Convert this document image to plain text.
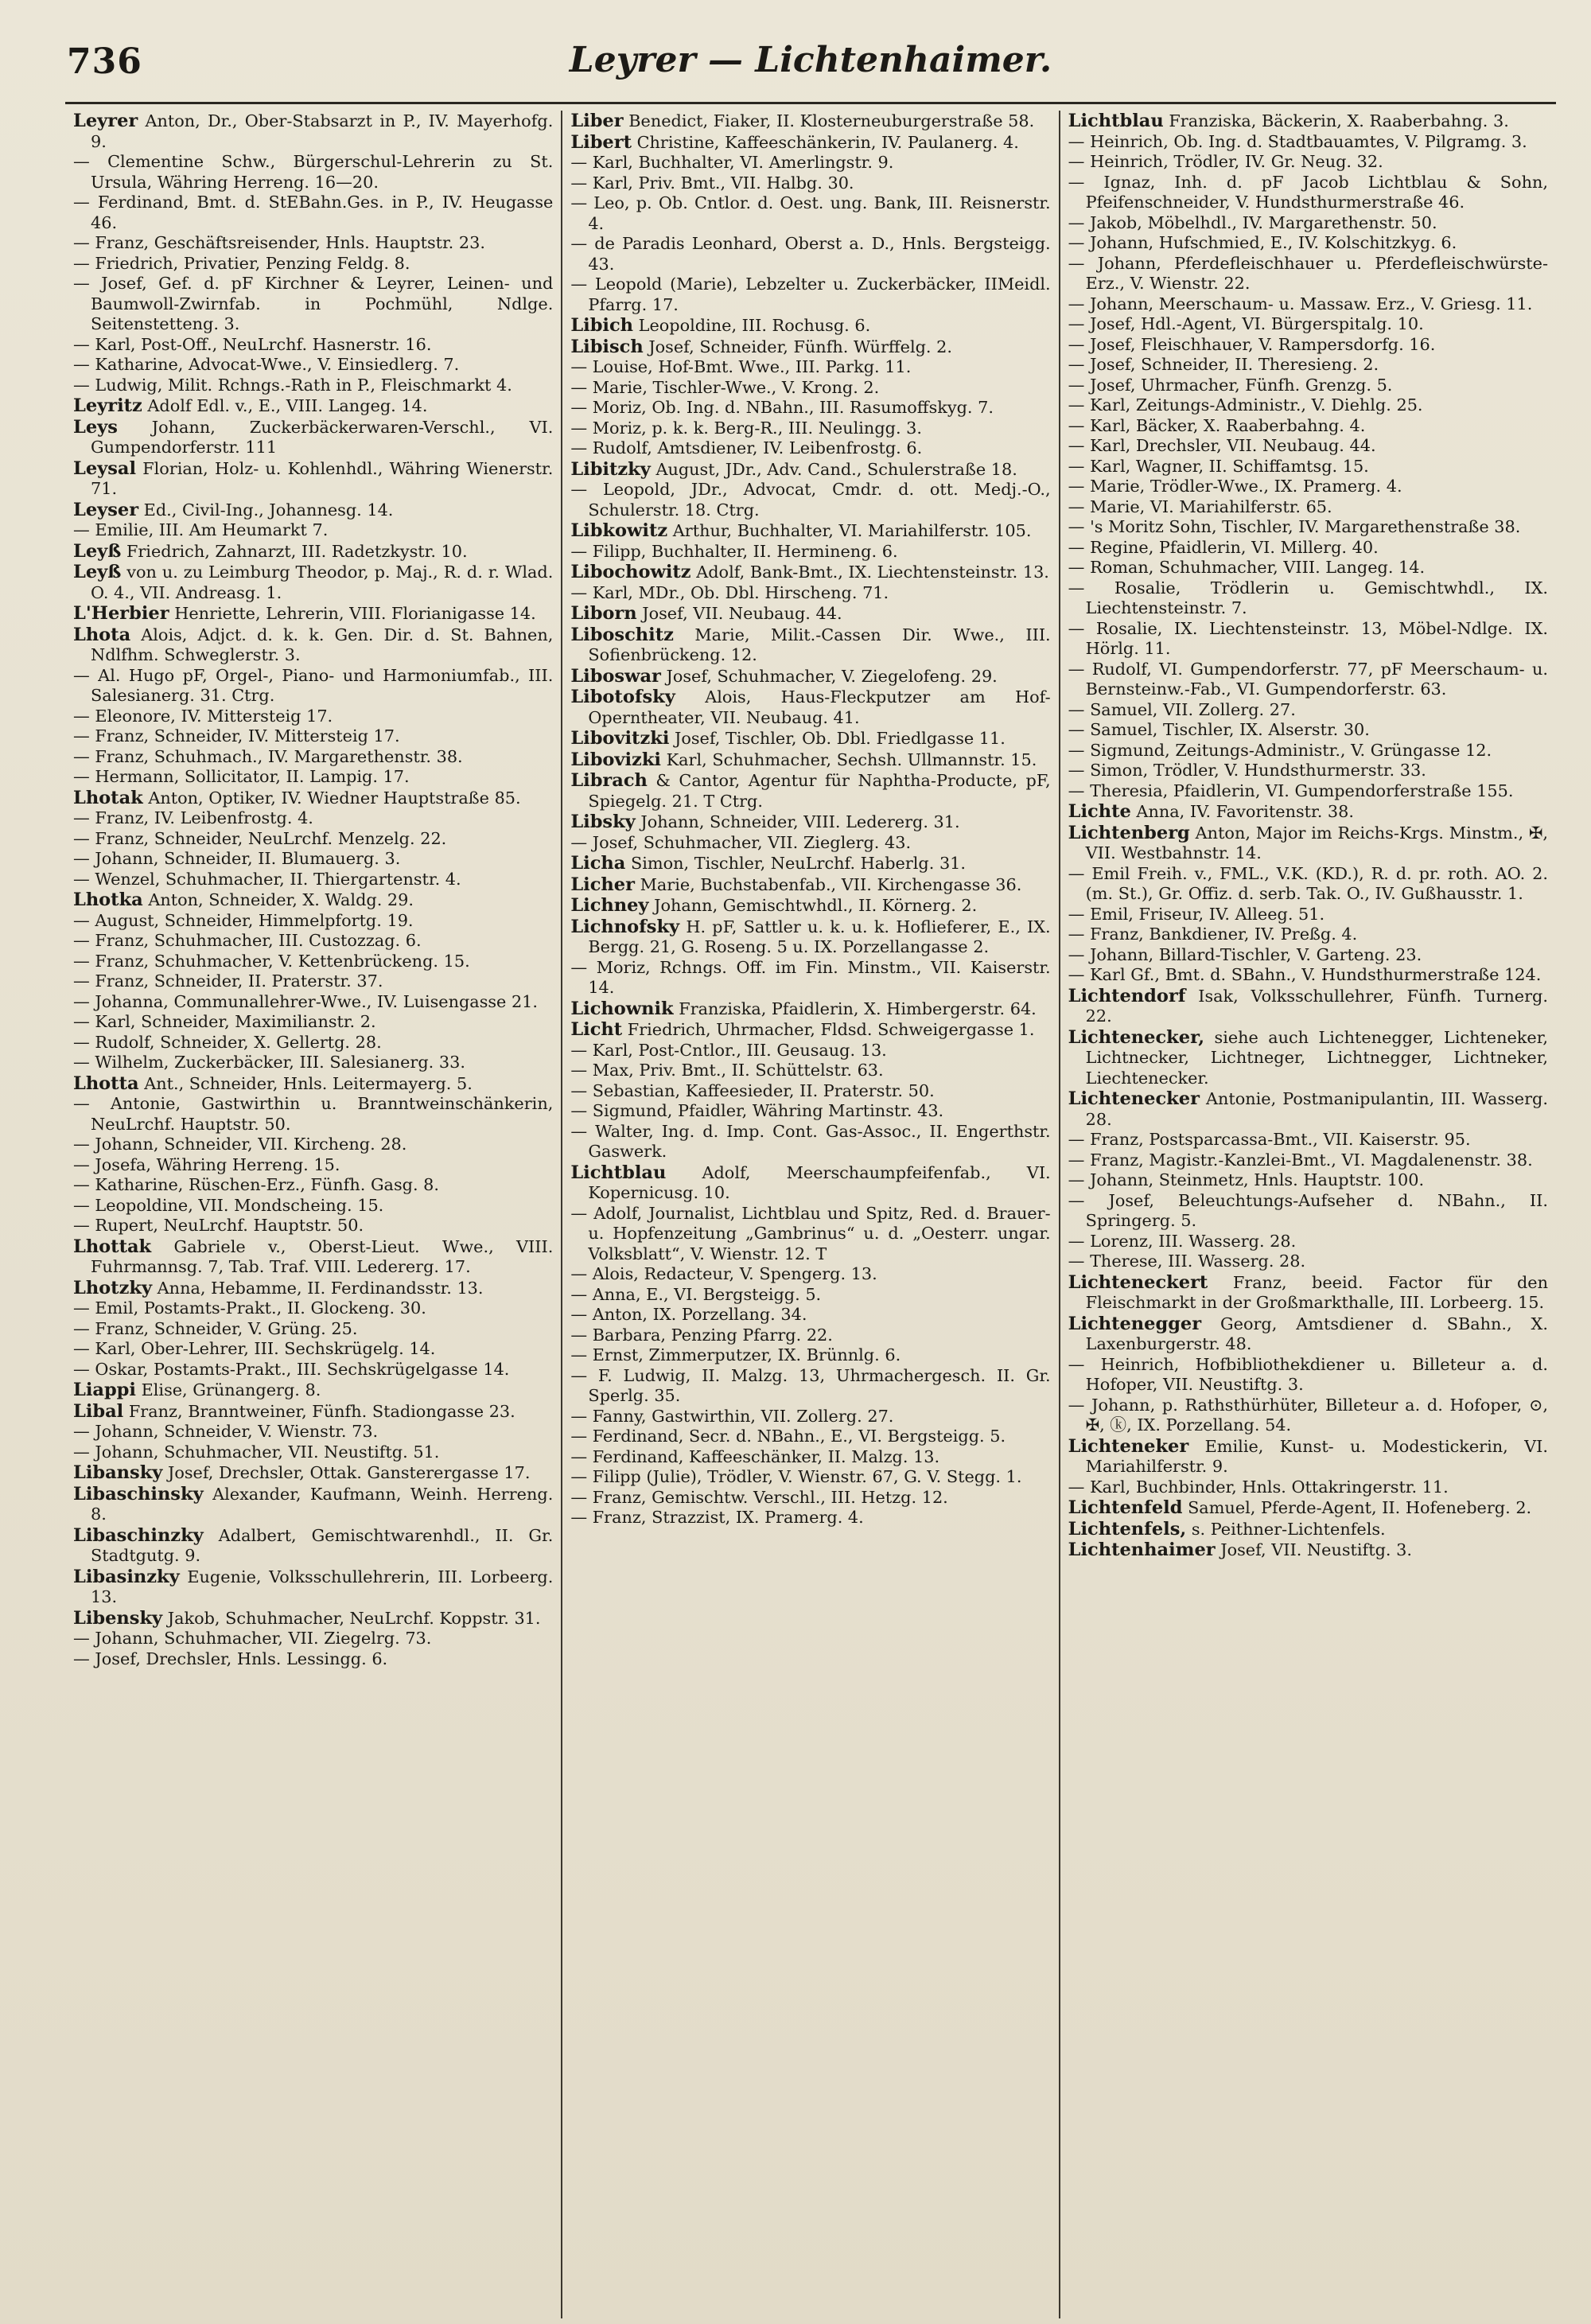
736	Leyrer — Lichtenhaimer.
Leyrer Anton, Dr., Ober-Stabsarzt in P., IV. Mayerhofg. 9.
— Clementine Schw., Bürgerschul-Lehrerin zu St. Ursula, Währing Herreng. 16—20.
— Ferdinand, Bmt. d. StEBahn.Ges. in P., IV. Heugasse 46.
— Franz, Geschäftsreisender, Hnls. Hauptstr. 23.
— Friedrich, Privatier, Penzing Feldg. 8.
— Josef, Gef. d. pF Kirchner & Leyrer, Leinen- und Baumwoll-Zwirnfab. in Pochmühl, Ndlge. Seitenstetteng. 3.
— Karl, Post-Off., NeuLrchf. Hasnerstr. 16.
— Katharine, Advocat-Wwe., V. Einsiedlerg. 7.
— Ludwig, Milit. Rchngs.-Rath in P., Fleischmarkt 4.
Leyritz Adolf Edl. v., E., VIII. Langeg. 14.
Leys Johann, Zuckerbäckerwaren-Verschl., VI. Gumpendorferstr. 111
Leysal Florian, Holz- u. Kohlenhdl., Währing Wienerstr. 71.
Leyser Ed., Civil-Ing., Johannesg. 14.
— Emilie, III. Am Heumarkt 7.
Leyß Friedrich, Zahnarzt, III. Radetzkystr. 10.
Leyß von u. zu Leimburg Theodor, p. Maj., R. d. r. Wlad. O. 4., VII. Andreasg. 1.
L'Herbier Henriette, Lehrerin, VIII. Florianigasse 14.
Lhota Alois, Adjct. d. k. k. Gen. Dir. d. St. Bahnen, Ndlfhm. Schweglerstr. 3.
— Al. Hugo pF, Orgel-, Piano- und Harmoniumfab., III. Salesianerg. 31. Ctrg.
— Eleonore, IV. Mittersteig 17.
— Franz, Schneider, IV. Mittersteig 17.
— Franz, Schuhmach., IV. Margarethenstr. 38.
— Hermann, Sollicitator, II. Lampig. 17.
Lhotak Anton, Optiker, IV. Wiedner Hauptstraße 85.
— Franz, IV. Leibenfrostg. 4.
— Franz, Schneider, NeuLrchf. Menzelg. 22.
— Johann, Schneider, II. Blumauerg. 3.
— Wenzel, Schuhmacher, II. Thiergartenstr. 4.
Lhotka Anton, Schneider, X. Waldg. 29.
— August, Schneider, Himmelpfortg. 19.
— Franz, Schuhmacher, III. Custozzag. 6.
— Franz, Schuhmacher, V. Kettenbrückeng. 15.
— Franz, Schneider, II. Praterstr. 37.
— Johanna, Communallehrer-Wwe., IV. Luisengasse 21.
— Karl, Schneider, Maximilianstr. 2.
— Rudolf, Schneider, X. Gellertg. 28.
— Wilhelm, Zuckerbäcker, III. Salesianerg. 33.
Lhotta Ant., Schneider, Hnls. Leitermayerg. 5.
— Antonie, Gastwirthin u. Branntweinschänkerin, NeuLrchf. Hauptstr. 50.
— Johann, Schneider, VII. Kircheng. 28.
— Josefa, Währing Herreng. 15.
— Katharine, Rüschen-Erz., Fünfh. Gasg. 8.
— Leopoldine, VII. Mondscheing. 15.
— Rupert, NeuLrchf. Hauptstr. 50.
Lhottak Gabriele v., Oberst-Lieut. Wwe., VIII. Fuhrmannsg. 7, Tab. Traf. VIII. Ledererg. 17.
Lhotzky Anna, Hebamme, II. Ferdinandsstr. 13.
— Emil, Postamts-Prakt., II. Glockeng. 30.
— Franz, Schneider, V. Grüng. 25.
— Karl, Ober-Lehrer, III. Sechskrügelg. 14.
— Oskar, Postamts-Prakt., III. Sechskrügelgasse 14.
Liappi Elise, Grünangerg. 8.
Libal Franz, Branntweiner, Fünfh. Stadiongasse 23.
— Johann, Schneider, V. Wienstr. 73.
— Johann, Schuhmacher, VII. Neustiftg. 51.
Libansky Josef, Drechsler, Ottak. Gansterergasse 17.
Libaschinsky Alexander, Kaufmann, Weinh. Herreng. 8.
Libaschinzky Adalbert, Gemischtwarenhdl., II. Gr. Stadtgutg. 9.
Libasinzky Eugenie, Volksschullehrerin, III. Lorbeerg. 13.
Libensky Jakob, Schuhmacher, NeuLrchf. Koppstr. 31.
— Johann, Schuhmacher, VII. Ziegelrg. 73.
— Josef, Drechsler, Hnls. Lessingg. 6.
Liber Benedict, Fiaker, II. Klosterneuburgerstraße 58.
Libert Christine, Kaffeeschänkerin, IV. Paulanerg. 4.
— Karl, Buchhalter, VI. Amerlingstr. 9.
— Karl, Priv. Bmt., VII. Halbg. 30.
— Leo, p. Ob. Cntlor. d. Oest. ung. Bank, III. Reisnerstr. 4.
— de Paradis Leonhard, Oberst a. D., Hnls. Bergsteigg. 43.
— Leopold (Marie), Lebzelter u. Zuckerbäcker, IIMeidl. Pfarrg. 17.
Libich Leopoldine, III. Rochusg. 6.
Libisch Josef, Schneider, Fünfh. Würffelg. 2.
— Louise, Hof-Bmt. Wwe., III. Parkg. 11.
— Marie, Tischler-Wwe., V. Krong. 2.
— Moriz, Ob. Ing. d. NBahn., III. Rasumoffskyg. 7.
— Moriz, p. k. k. Berg-R., III. Neulingg. 3.
— Rudolf, Amtsdiener, IV. Leibenfrostg. 6.
Libitzky August, JDr., Adv. Cand., Schulerstraße 18.
— Leopold, JDr., Advocat, Cmdr. d. ott. Medj.-O., Schulerstr. 18. Ctrg.
Libkowitz Arthur, Buchhalter, VI. Mariahilferstr. 105.
— Filipp, Buchhalter, II. Hermineng. 6.
Libochowitz Adolf, Bank-Bmt., IX. Liechtensteinstr. 13.
— Karl, MDr., Ob. Dbl. Hirscheng. 71.
Liborn Josef, VII. Neubaug. 44.
Liboschitz Marie, Milit.-Cassen Dir. Wwe., III. Sofienbrückeng. 12.
Liboswar Josef, Schuhmacher, V. Ziegelofeng. 29.
Libotofsky Alois, Haus-Fleckputzer am Hof-Operntheater, VII. Neubaug. 41.
Libovitzki Josef, Tischler, Ob. Dbl. Friedlgasse 11.
Libovizki Karl, Schuhmacher, Sechsh. Ullmannstr. 15.
Librach & Cantor, Agentur für Naphtha-Producte, pF, Spiegelg. 21. T Ctrg.
Libsky Johann, Schneider, VIII. Ledererg. 31.
— Josef, Schuhmacher, VII. Zieglerg. 43.
Licha Simon, Tischler, NeuLrchf. Haberlg. 31.
Licher Marie, Buchstabenfab., VII. Kirchengasse 36.
Lichney Johann, Gemischtwhdl., II. Körnerg. 2.
Lichnofsky H. pF, Sattler u. k. u. k. Hoflieferer, E., IX. Bergg. 21, G. Roseng. 5 u. IX. Porzellangasse 2.
— Moriz, Rchngs. Off. im Fin. Minstm., VII. Kaiserstr. 14.
Lichownik Franziska, Pfaidlerin, X. Himbergerstr. 64.
Licht Friedrich, Uhrmacher, Fldsd. Schweigergasse 1.
— Karl, Post-Cntlor., III. Geusaug. 13.
— Max, Priv. Bmt., II. Schüttelstr. 63.
— Sebastian, Kaffeesieder, II. Praterstr. 50.
— Sigmund, Pfaidler, Währing Martinstr. 43.
— Walter, Ing. d. Imp. Cont. Gas-Assoc., II. Engerthstr. Gaswerk.
Lichtblau Adolf, Meerschaumpfeifenfab., VI. Kopernicusg. 10.
— Adolf, Journalist, Lichtblau und Spitz, Red. d. Brauer- u. Hopfenzeitung „Gambrinus“ u. d. „Oesterr. ungar. Volksblatt“, V. Wienstr. 12. T
— Alois, Redacteur, V. Spengerg. 13.
— Anna, E., VI. Bergsteigg. 5.
— Anton, IX. Porzellang. 34.
— Barbara, Penzing Pfarrg. 22.
— Ernst, Zimmerputzer, IX. Brünnlg. 6.
— F. Ludwig, II. Malzg. 13, Uhrmachergesch. II. Gr. Sperlg. 35.
— Fanny, Gastwirthin, VII. Zollerg. 27.
— Ferdinand, Secr. d. NBahn., E., VI. Bergsteigg. 5.
— Ferdinand, Kaffeeschänker, II. Malzg. 13.
— Filipp (Julie), Trödler, V. Wienstr. 67, G. V. Stegg. 1.
— Franz, Gemischtw. Verschl., III. Hetzg. 12.
— Franz, Strazzist, IX. Pramerg. 4.
Lichtblau Franziska, Bäckerin, X. Raaberbahng. 3.
— Heinrich, Ob. Ing. d. Stadtbauamtes, V. Pilgramg. 3.
— Heinrich, Trödler, IV. Gr. Neug. 32.
— Ignaz, Inh. d. pF Jacob Lichtblau & Sohn, Pfeifenschneider, V. Hundsthurmerstraße 46.
— Jakob, Möbelhdl., IV. Margarethenstr. 50.
— Johann, Hufschmied, E., IV. Kolschitzkyg. 6.
— Johann, Pferdefleischhauer u. Pferdefleischwürste-Erz., V. Wienstr. 22.
— Johann, Meerschaum- u. Massaw. Erz., V. Griesg. 11.
— Josef, Hdl.-Agent, VI. Bürgerspitalg. 10.
— Josef, Fleischhauer, V. Rampersdorfg. 16.
— Josef, Schneider, II. Theresieng. 2.
— Josef, Uhrmacher, Fünfh. Grenzg. 5.
— Karl, Zeitungs-Administr., V. Diehlg. 25.
— Karl, Bäcker, X. Raaberbahng. 4.
— Karl, Drechsler, VII. Neubaug. 44.
— Karl, Wagner, II. Schiffamtsg. 15.
— Marie, Trödler-Wwe., IX. Pramerg. 4.
— Marie, VI. Mariahilferstr. 65.
— 's Moritz Sohn, Tischler, IV. Margarethenstraße 38.
— Regine, Pfaidlerin, VI. Millerg. 40.
— Roman, Schuhmacher, VIII. Langeg. 14.
— Rosalie, Trödlerin u. Gemischtwhdl., IX. Liechtensteinstr. 7.
— Rosalie, IX. Liechtensteinstr. 13, Möbel-Ndlge. IX. Hörlg. 11.
— Rudolf, VI. Gumpendorferstr. 77, pF Meerschaum- u. Bernsteinw.-Fab., VI. Gumpendorferstr. 63.
— Samuel, VII. Zollerg. 27.
— Samuel, Tischler, IX. Alserstr. 30.
— Sigmund, Zeitungs-Administr., V. Grüngasse 12.
— Simon, Trödler, V. Hundsthurmerstr. 33.
— Theresia, Pfaidlerin, VI. Gumpendorferstraße 155.
Lichte Anna, IV. Favoritenstr. 38.
Lichtenberg Anton, Major im Reichs-Krgs. Minstm., ✠, VII. Westbahnstr. 14.
— Emil Freih. v., FML., V.K. (KD.), R. d. pr. roth. AO. 2. (m. St.), Gr. Offiz. d. serb. Tak. O., IV. Gußhausstr. 1.
— Emil, Friseur, IV. Alleeg. 51.
— Franz, Bankdiener, IV. Preßg. 4.
— Johann, Billard-Tischler, V. Garteng. 23.
— Karl Gf., Bmt. d. SBahn., V. Hundsthurmerstraße 124.
Lichtendorf Isak, Volksschullehrer, Fünfh. Turnerg. 22.
Lichtenecker, siehe auch Lichtenegger, Lichteneker, Lichtnecker, Lichtneger, Lichtnegger, Lichtneker, Liechtenecker.
Lichtenecker Antonie, Postmanipulantin, III. Wasserg. 28.
— Franz, Postsparcassa-Bmt., VII. Kaiserstr. 95.
— Franz, Magistr.-Kanzlei-Bmt., VI. Magdalenenstr. 38.
— Johann, Steinmetz, Hnls. Hauptstr. 100.
— Josef, Beleuchtungs-Aufseher d. NBahn., II. Springerg. 5.
— Lorenz, III. Wasserg. 28.
— Therese, III. Wasserg. 28.
Lichteneckert Franz, beeid. Factor für den Fleischmarkt in der Großmarkthalle, III. Lorbeerg. 15.
Lichtenegger Georg, Amtsdiener d. SBahn., X. Laxenburgerstr. 48.
— Heinrich, Hofbibliothekdiener u. Billeteur a. d. Hofoper, VII. Neustiftg. 3.
— Johann, p. Rathsthürhüter, Billeteur a. d. Hofoper, ⊙, ✠, ⓚ, IX. Porzellang. 54.
Lichteneker Emilie, Kunst- u. Modestickerin, VI. Mariahilferstr. 9.
— Karl, Buchbinder, Hnls. Ottakringerstr. 11.
Lichtenfeld Samuel, Pferde-Agent, II. Hofeneberg. 2.
Lichtenfels, s. Peithner-Lichtenfels.
Lichtenhaimer Josef, VII. Neustiftg. 3.
